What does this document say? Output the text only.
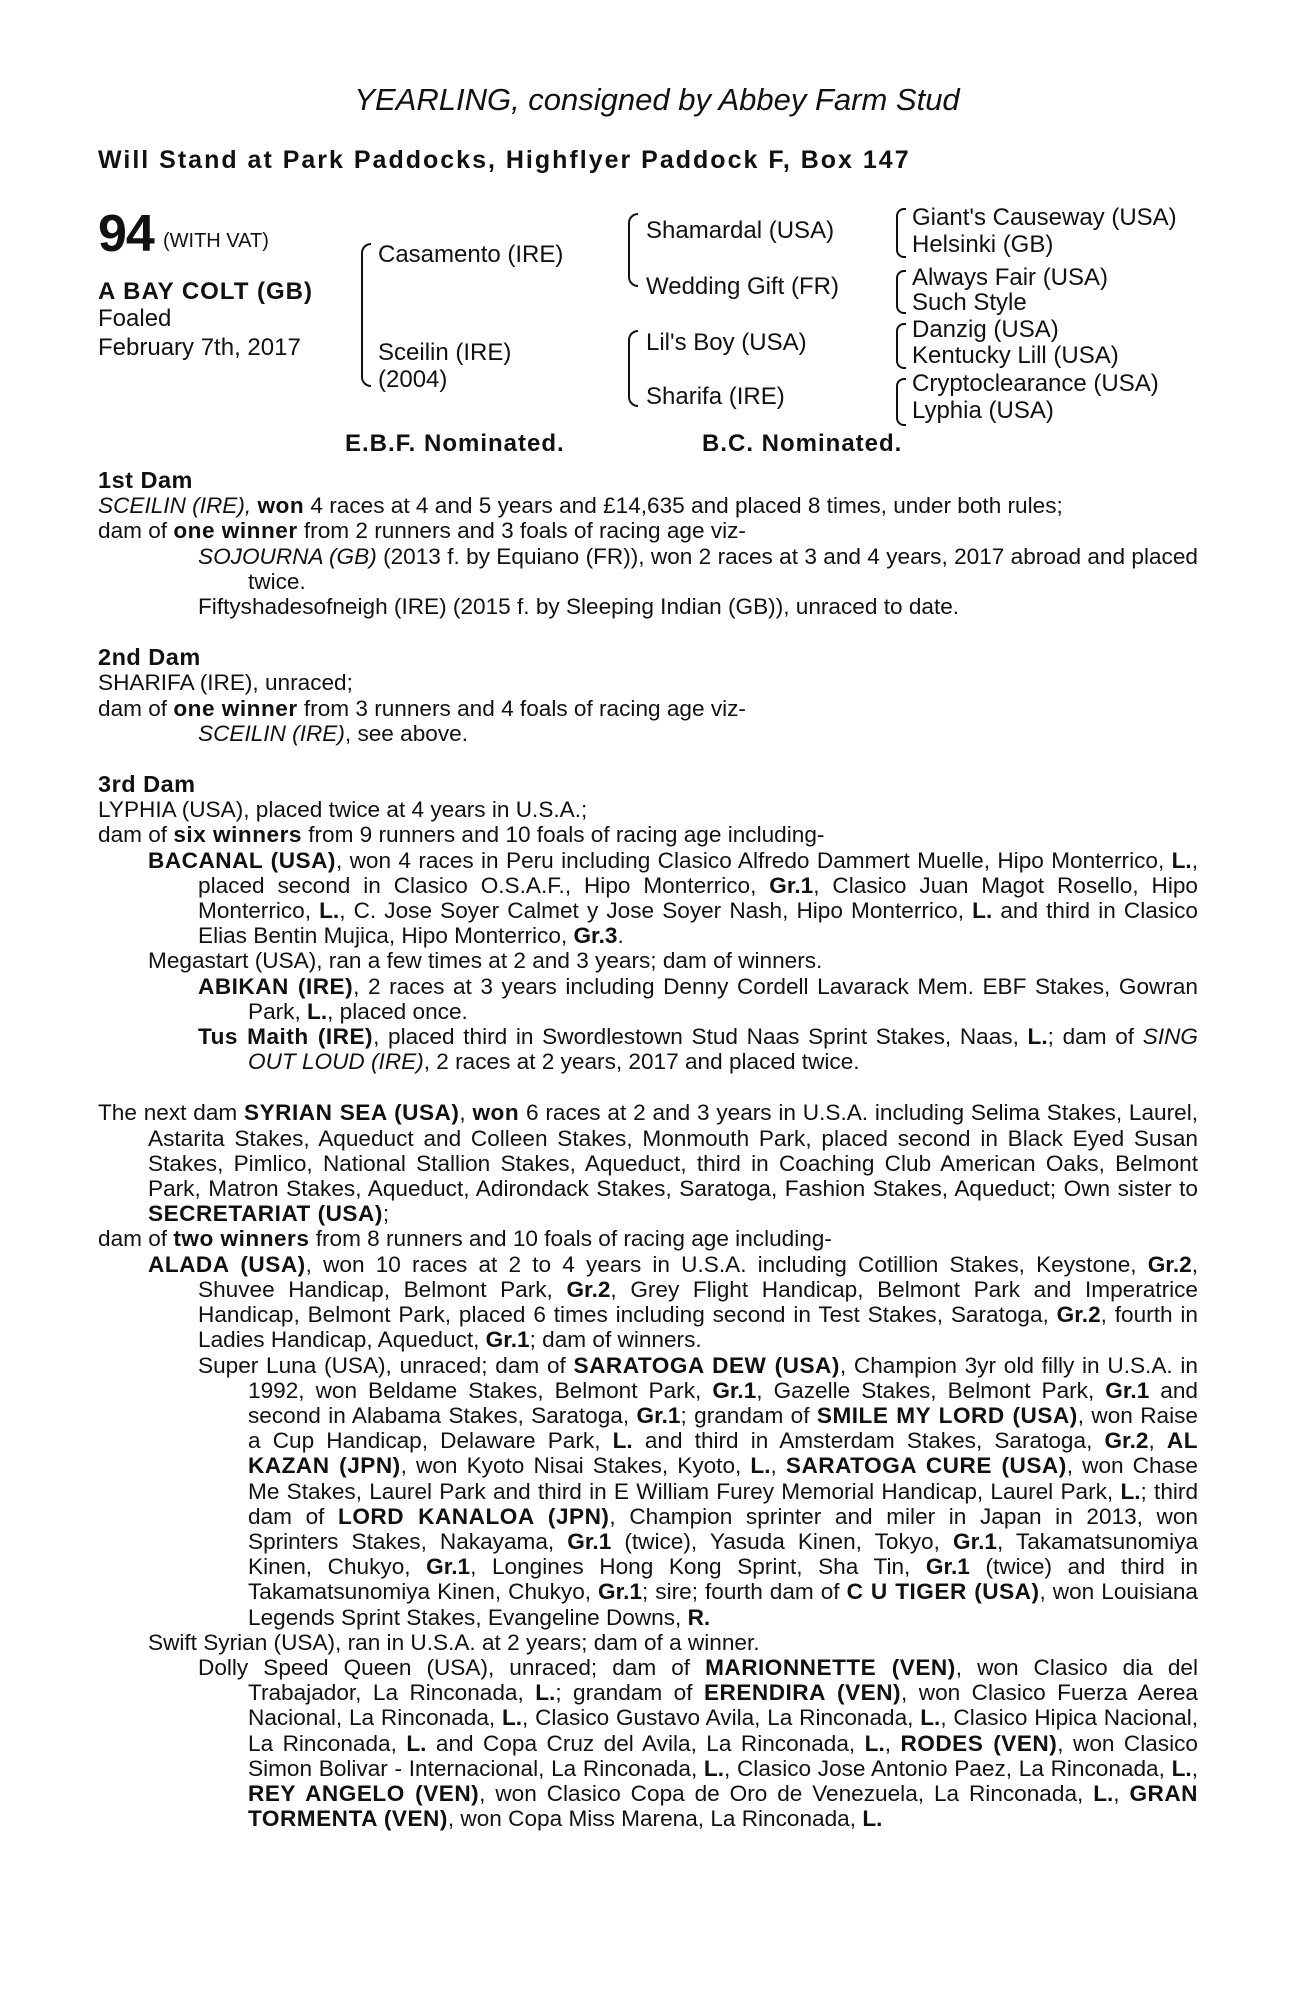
YEARLING, consigned by Abbey Farm Stud
Will Stand at Park Paddocks, Highflyer Paddock F, Box 147
94 (WITH VAT)
A BAY COLT (GB)
Foaled
February 7th, 2017
Casamento (IRE)
Sceilin (IRE)
(2004)
Shamardal (USA)
Wedding Gift (FR)
Lil's Boy (USA)
Sharifa (IRE)
Giant's Causeway (USA)
Helsinki (GB)
Always Fair (USA)
Such Style
Danzig (USA)
Kentucky Lill (USA)
Cryptoclearance (USA)
Lyphia (USA)
E.B.F. Nominated.	B.C. Nominated.

1st Dam

SCEILIN (IRE), won 4 races at 4 and 5 years and £14,635 and placed 8 times, under both rules;

dam of one winner from 2 runners and 3 foals of racing age viz-

SOJOURNA (GB) (2013 f. by Equiano (FR)), won 2 races at 3 and 4 years, 2017 abroad and placed twice.

Fiftyshadesofneigh (IRE) (2015 f. by Sleeping Indian (GB)), unraced to date.

2nd Dam

SHARIFA (IRE), unraced;

dam of one winner from 3 runners and 4 foals of racing age viz-

SCEILIN (IRE), see above.

3rd Dam

LYPHIA (USA), placed twice at 4 years in U.S.A.;

dam of six winners from 9 runners and 10 foals of racing age including-

BACANAL (USA), won 4 races in Peru including Clasico Alfredo Dammert Muelle, Hipo Monterrico, L., placed second in Clasico O.S.A.F., Hipo Monterrico, Gr.1, Clasico Juan Magot Rosello, Hipo Monterrico, L., C. Jose Soyer Calmet y Jose Soyer Nash, Hipo Monterrico, L. and third in Clasico Elias Bentin Mujica, Hipo Monterrico, Gr.3.

Megastart (USA), ran a few times at 2 and 3 years; dam of winners.

ABIKAN (IRE), 2 races at 3 years including Denny Cordell Lavarack Mem. EBF Stakes, Gowran Park, L., placed once.

Tus Maith (IRE), placed third in Swordlestown Stud Naas Sprint Stakes, Naas, L.; dam of SING OUT LOUD (IRE), 2 races at 2 years, 2017 and placed twice.

The next dam SYRIAN SEA (USA), won 6 races at 2 and 3 years in U.S.A. including Selima Stakes, Laurel, Astarita Stakes, Aqueduct and Colleen Stakes, Monmouth Park, placed second in Black Eyed Susan Stakes, Pimlico, National Stallion Stakes, Aqueduct, third in Coaching Club American Oaks, Belmont Park, Matron Stakes, Aqueduct, Adirondack Stakes, Saratoga, Fashion Stakes, Aqueduct; Own sister to SECRETARIAT (USA);

dam of two winners from 8 runners and 10 foals of racing age including-

ALADA (USA), won 10 races at 2 to 4 years in U.S.A. including Cotillion Stakes, Keystone, Gr.2, Shuvee Handicap, Belmont Park, Gr.2, Grey Flight Handicap, Belmont Park and Imperatrice Handicap, Belmont Park, placed 6 times including second in Test Stakes, Saratoga, Gr.2, fourth in Ladies Handicap, Aqueduct, Gr.1; dam of winners.

Super Luna (USA), unraced; dam of SARATOGA DEW (USA), Champion 3yr old filly in U.S.A. in 1992, won Beldame Stakes, Belmont Park, Gr.1, Gazelle Stakes, Belmont Park, Gr.1 and second in Alabama Stakes, Saratoga, Gr.1; grandam of SMILE MY LORD (USA), won Raise a Cup Handicap, Delaware Park, L. and third in Amsterdam Stakes, Saratoga, Gr.2, AL KAZAN (JPN), won Kyoto Nisai Stakes, Kyoto, L., SARATOGA CURE (USA), won Chase Me Stakes, Laurel Park and third in E William Furey Memorial Handicap, Laurel Park, L.; third dam of LORD KANALOA (JPN), Champion sprinter and miler in Japan in 2013, won Sprinters Stakes, Nakayama, Gr.1 (twice), Yasuda Kinen, Tokyo, Gr.1, Takamatsunomiya Kinen, Chukyo, Gr.1, Longines Hong Kong Sprint, Sha Tin, Gr.1 (twice) and third in Takamatsunomiya Kinen, Chukyo, Gr.1; sire; fourth dam of C U TIGER (USA), won Louisiana Legends Sprint Stakes, Evangeline Downs, R.

Swift Syrian (USA), ran in U.S.A. at 2 years; dam of a winner.

Dolly Speed Queen (USA), unraced; dam of MARIONNETTE (VEN), won Clasico dia del Trabajador, La Rinconada, L.; grandam of ERENDIRA (VEN), won Clasico Fuerza Aerea Nacional, La Rinconada, L., Clasico Gustavo Avila, La Rinconada, L., Clasico Hipica Nacional, La Rinconada, L. and Copa Cruz del Avila, La Rinconada, L., RODES (VEN), won Clasico Simon Bolivar - Internacional, La Rinconada, L., Clasico Jose Antonio Paez, La Rinconada, L., REY ANGELO (VEN), won Clasico Copa de Oro de Venezuela, La Rinconada, L., GRAN TORMENTA (VEN), won Copa Miss Marena, La Rinconada, L.
